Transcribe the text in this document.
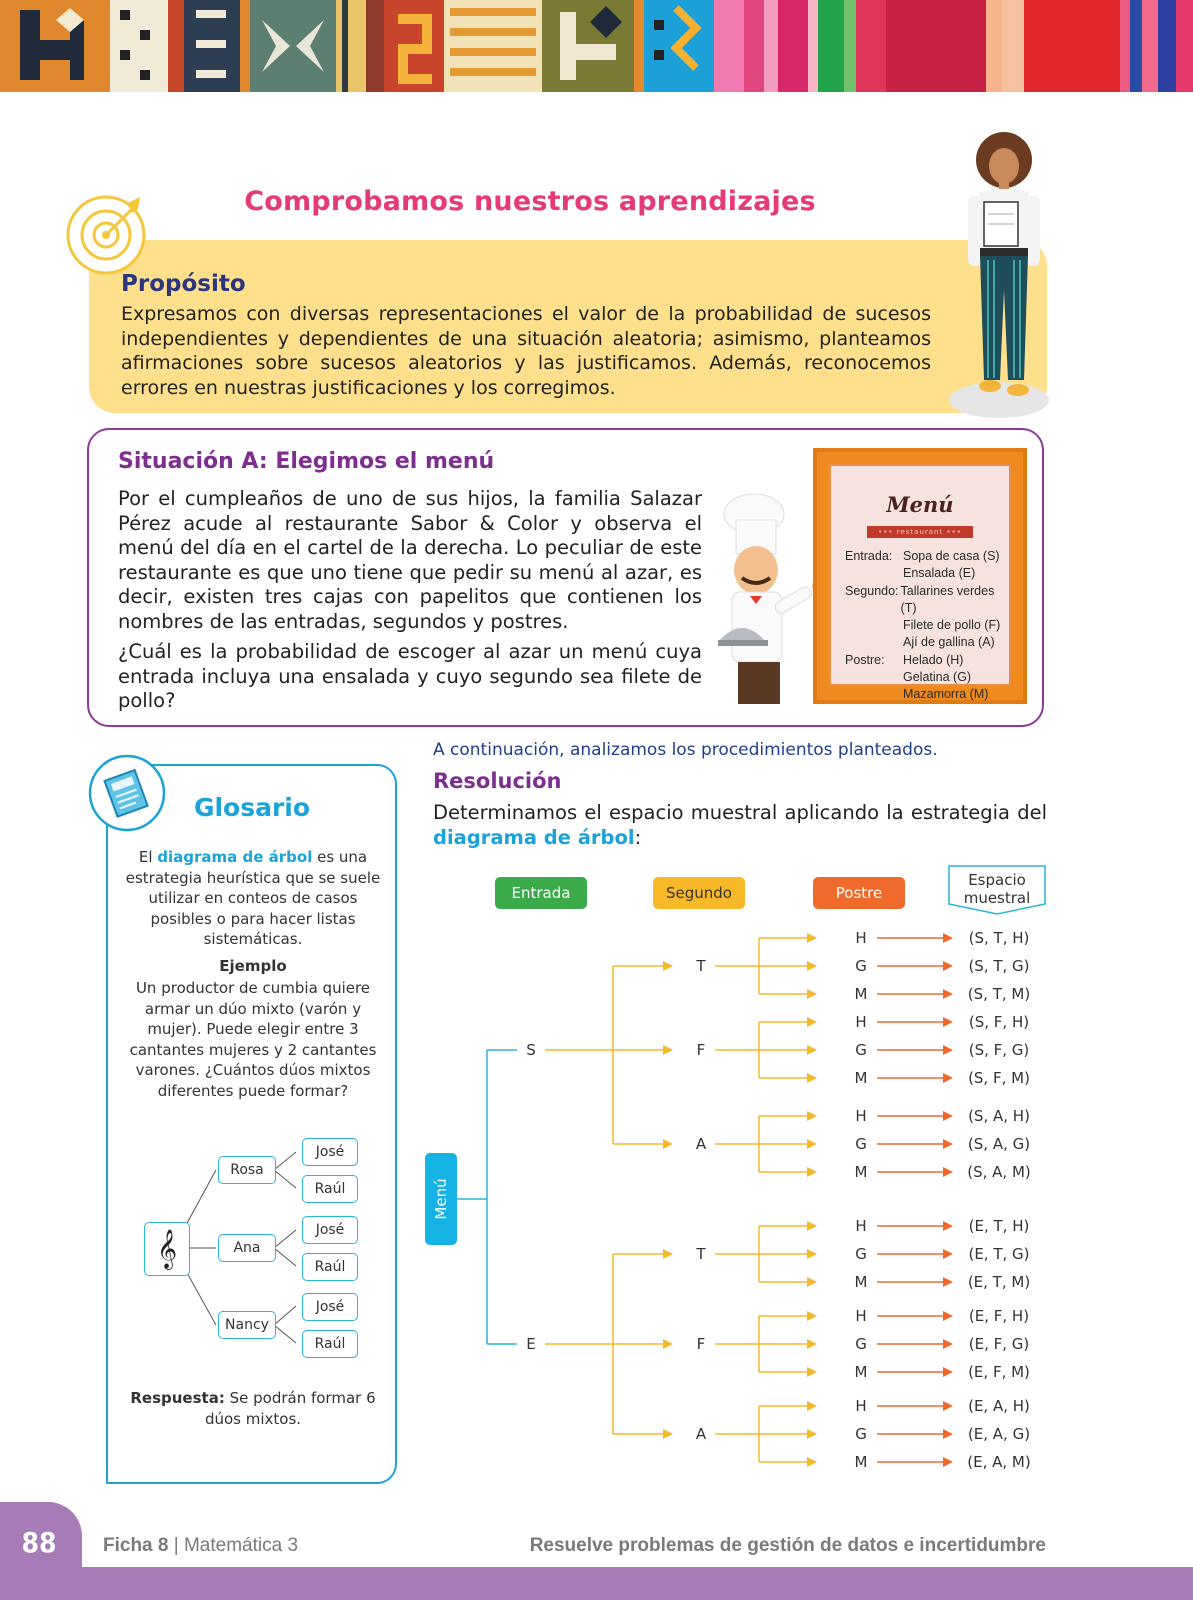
Comprobamos nuestros aprendizajes
Propósito
Expresamos con diversas representaciones el valor de la probabilidad de sucesos independientes y dependientes de una situación aleatoria; asimismo, planteamos afirmaciones sobre sucesos aleatorios y las justificamos. Además, reconocemos errores en nuestras justificaciones y los corregimos.
Situación A: Elegimos el menú

Por el cumpleaños de uno de sus hijos, la familia Salazar Pérez acude al restaurante Sabor & Color y observa el menú del día en el cartel de la derecha. Lo peculiar de este restaurante es que uno tiene que pedir su menú al azar, es decir, existen tres cajas con papelitos que contienen los nombres de las entradas, segundos y postres.

¿Cuál es la probabilidad de escoger al azar un menú cuya entrada incluya una ensalada y cuyo segundo sea filete de pollo?

Menú
••• restaurant •••
Entrada: Sopa de casa (S)
Ensalada (E)
Segundo: Tallarines verdes (T)
Filete de pollo (F)
Ají de gallina (A)
Postre:	Helado (H)
Gelatina (G)
Mazamorra (M)
A continuación, analizamos los procedimientos planteados.
Resolución

Determinamos el espacio muestral aplicando la estrategia del diagrama de árbol:

Glosario
El diagrama de árbol es una estrategia heurística que se suele utilizar en conteos de casos posibles o para hacer listas sistemáticas.
Ejemplo
Un productor de cumbia quiere armar un dúo mixto (varón y mujer). Puede elegir entre 3 cantantes mujeres y 2 cantantes varones. ¿Cuántos dúos mixtos diferentes puede formar?
𝄞
Rosa
Ana
Nancy
José
Raúl
José
Raúl
José
Raúl
Respuesta: Se podrán formar 6 dúos mixtos.
Entrada	Segundo	Postre
Espacio
muestral
Menú
S
E
T
F
A
T
F
A
H
G
M
H
G
M
H
G
M
H
G
M
H
G
M
H
G
M
(S, T, H)
(S, T, G)
(S, T, M)
(S, F, H)
(S, F, G)
(S, F, M)
(S, A, H)
(S, A, G)
(S, A, M)
(E, T, H)
(E, T, G)
(E, T, M)
(E, F, H)
(E, F, G)
(E, F, M)
(E, A, H)
(E, A, G)
(E, A, M)
88	Ficha 8 | Matemática 3	Resuelve problemas de gestión de datos e incertidumbre
